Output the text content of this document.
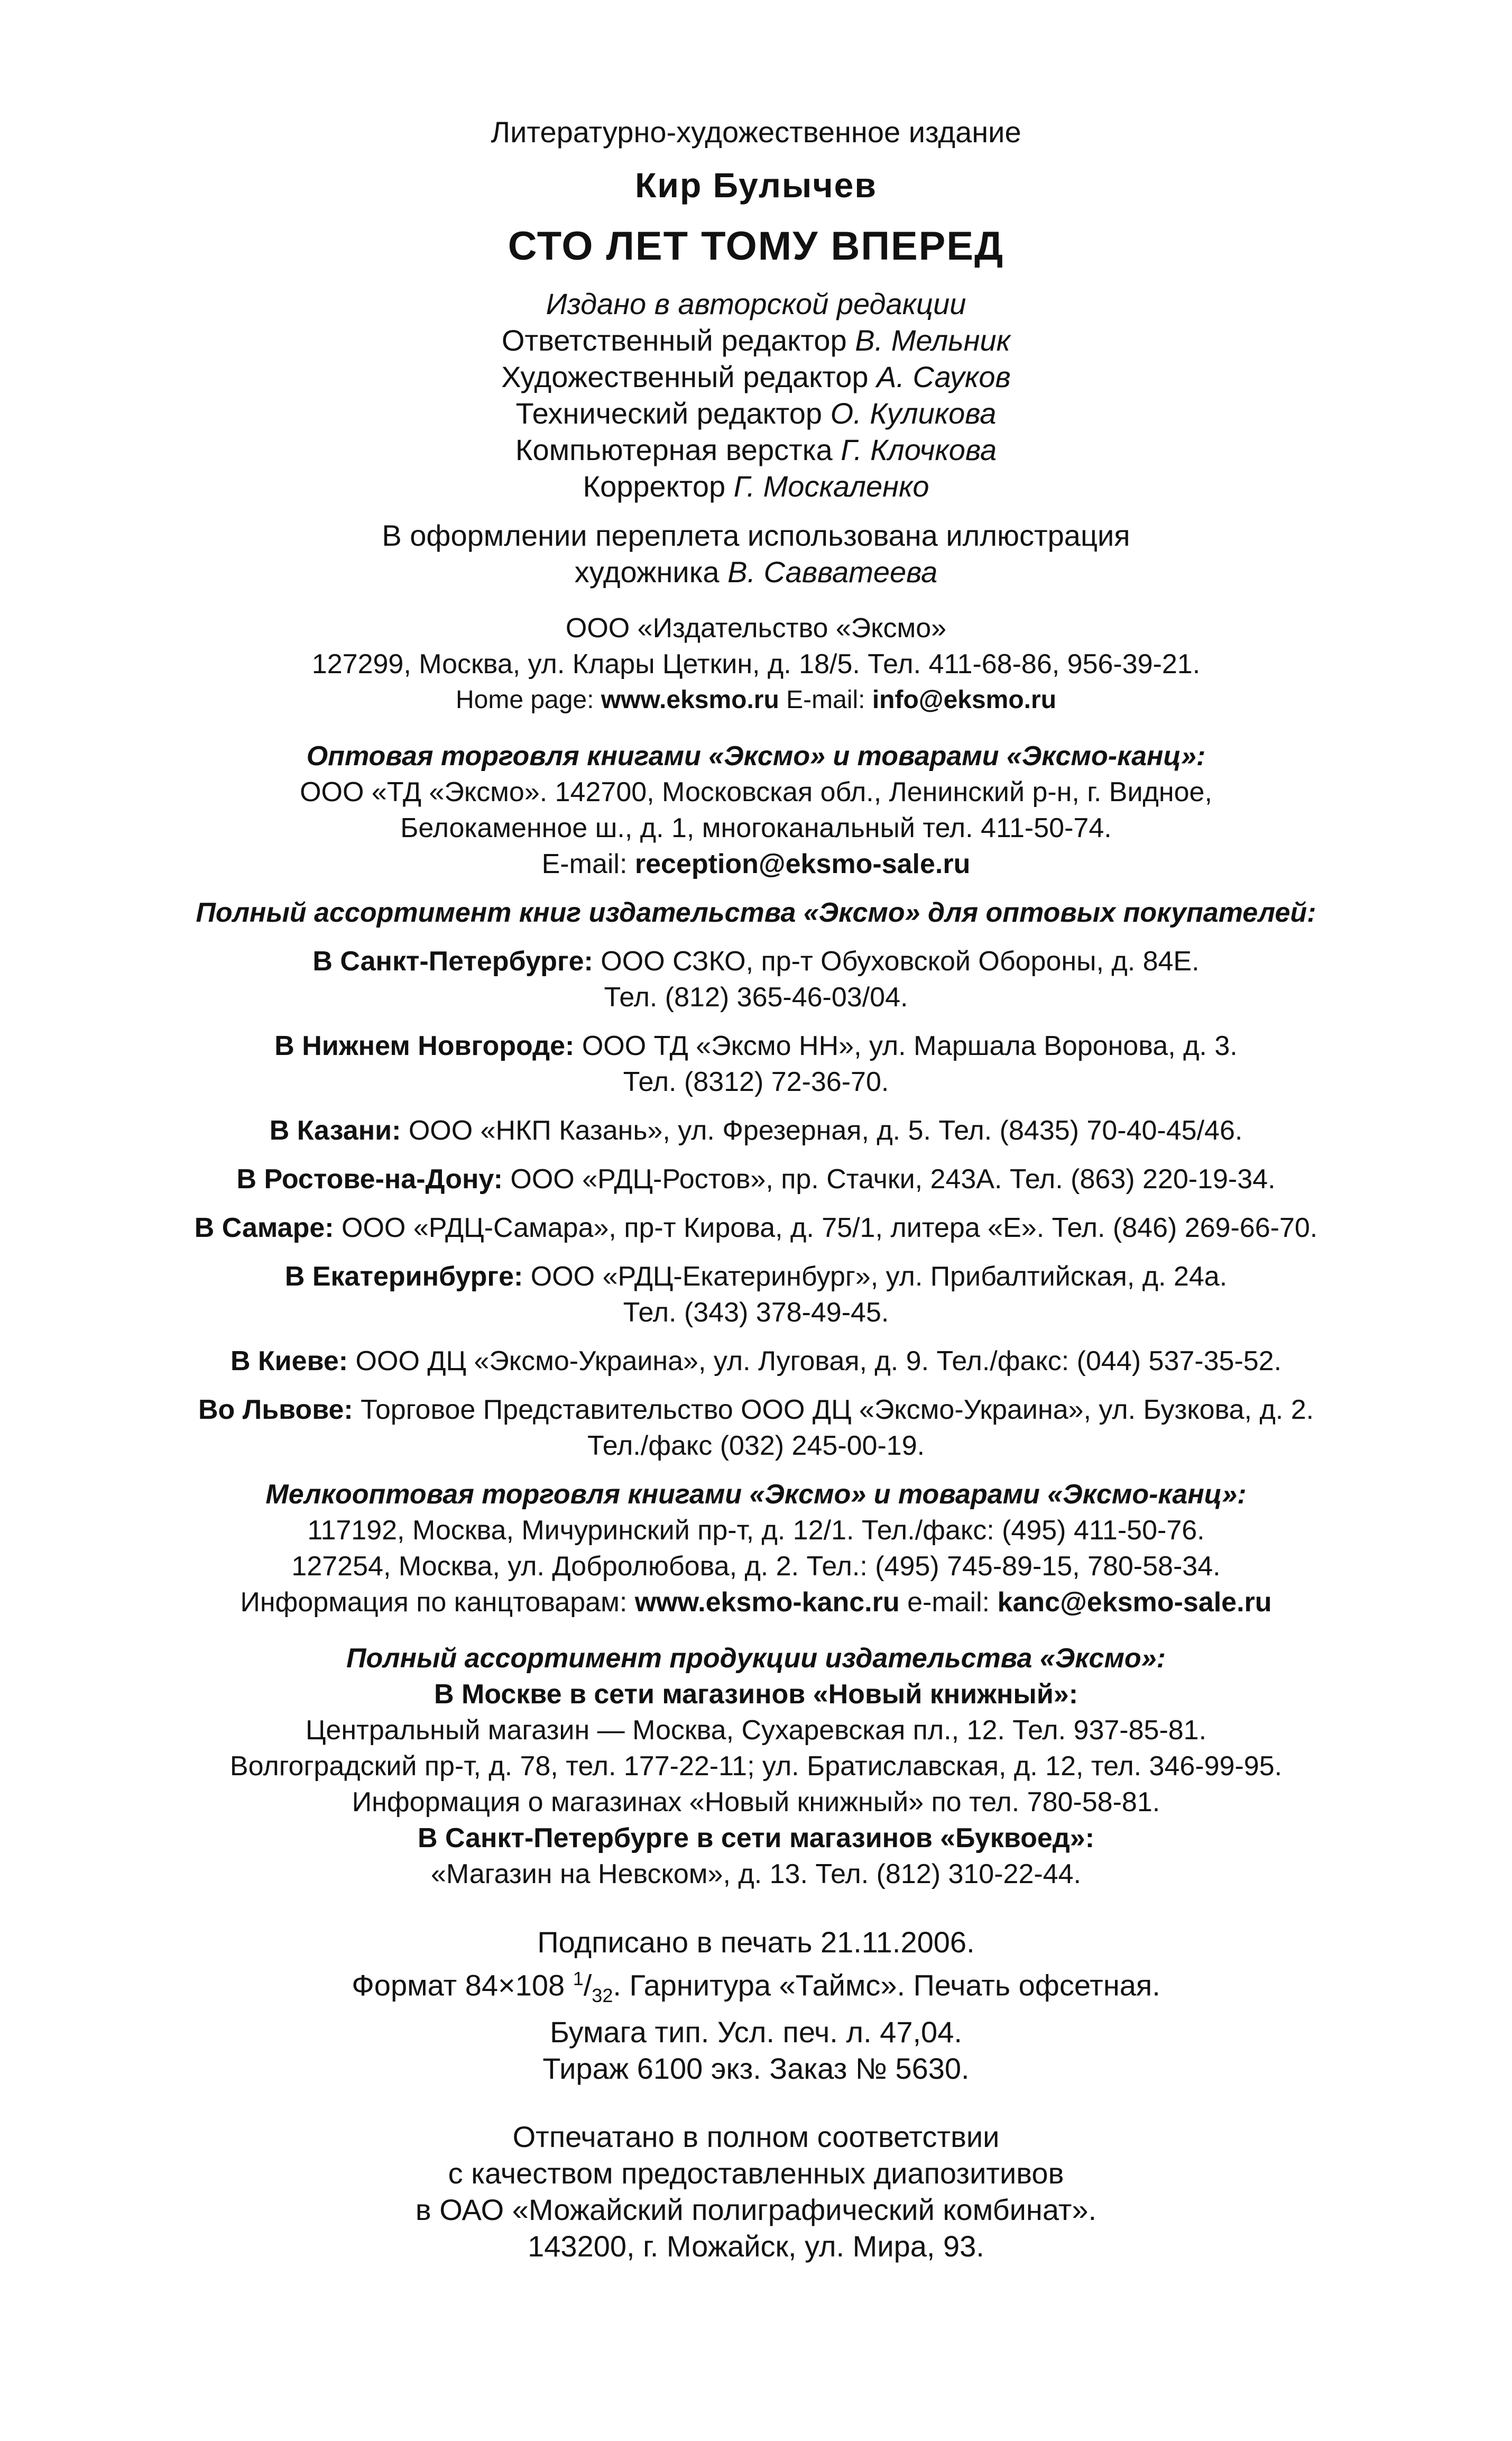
Литературно-художественное издание
Кир Булычев
СТО ЛЕТ ТОМУ ВПЕРЕД
Издано в авторской редакции
Ответственный редактор В. Мельник
Художественный редактор А. Сауков
Технический редактор О. Куликова
Компьютерная верстка Г. Клочкова
Корректор Г. Москаленко
В оформлении переплета использована иллюстрация
художника В. Савватеева
ООО «Издательство «Эксмо»
127299, Москва, ул. Клары Цеткин, д. 18/5. Тел. 411-68-86, 956-39-21.
Home page: www.eksmo.ru E-mail: info@eksmo.ru
Оптовая торговля книгами «Эксмо» и товарами «Эксмо-канц»:
ООО «ТД «Эксмо». 142700, Московская обл., Ленинский р-н, г. Видное,
Белокаменное ш., д. 1, многоканальный тел. 411-50-74.
E-mail: reception@eksmo-sale.ru
Полный ассортимент книг издательства «Эксмо» для оптовых покупателей:
В Санкт-Петербурге: ООО СЗКО, пр-т Обуховской Обороны, д. 84Е.
Тел. (812) 365-46-03/04.
В Нижнем Новгороде: ООО ТД «Эксмо НН», ул. Маршала Воронова, д. 3.
Тел. (8312) 72-36-70.
В Казани: ООО «НКП Казань», ул. Фрезерная, д. 5. Тел. (8435) 70-40-45/46.
В Ростове-на-Дону: ООО «РДЦ-Ростов», пр. Стачки, 243А. Тел. (863) 220-19-34.
В Самаре: ООО «РДЦ-Самара», пр-т Кирова, д. 75/1, литера «Е». Тел. (846) 269-66-70.
В Екатеринбурге: ООО «РДЦ-Екатеринбург», ул. Прибалтийская, д. 24а.
Тел. (343) 378-49-45.
В Киеве: ООО ДЦ «Эксмо-Украина», ул. Луговая, д. 9. Тел./факс: (044) 537-35-52.
Во Львове: Торговое Представительство ООО ДЦ «Эксмо-Украина», ул. Бузкова, д. 2.
Тел./факс (032) 245-00-19.
Мелкооптовая торговля книгами «Эксмо» и товарами «Эксмо-канц»:
117192, Москва, Мичуринский пр-т, д. 12/1. Тел./факс: (495) 411-50-76.
127254, Москва, ул. Добролюбова, д. 2. Тел.: (495) 745-89-15, 780-58-34.
Информация по канцтоварам: www.eksmo-kanc.ru e-mail: kanc@eksmo-sale.ru
Полный ассортимент продукции издательства «Эксмо»:
В Москве в сети магазинов «Новый книжный»:
Центральный магазин — Москва, Сухаревская пл., 12. Тел. 937-85-81.
Волгоградский пр-т, д. 78, тел. 177-22-11; ул. Братиславская, д. 12, тел. 346-99-95.
Информация о магазинах «Новый книжный» по тел. 780-58-81.
В Санкт-Петербурге в сети магазинов «Буквоед»:
«Магазин на Невском», д. 13. Тел. (812) 310-22-44.
Подписано в печать 21.11.2006.
Формат 84×108 $^1/_{32}$. Гарнитура «Таймс». Печать офсетная.
Бумага тип. Усл. печ. л. 47,04.
Тираж 6100 экз. Заказ № 5630.
Отпечатано в полном соответствии
с качеством предоставленных диапозитивов
в ОАО «Можайский полиграфический комбинат».
143200, г. Можайск, ул. Мира, 93.
